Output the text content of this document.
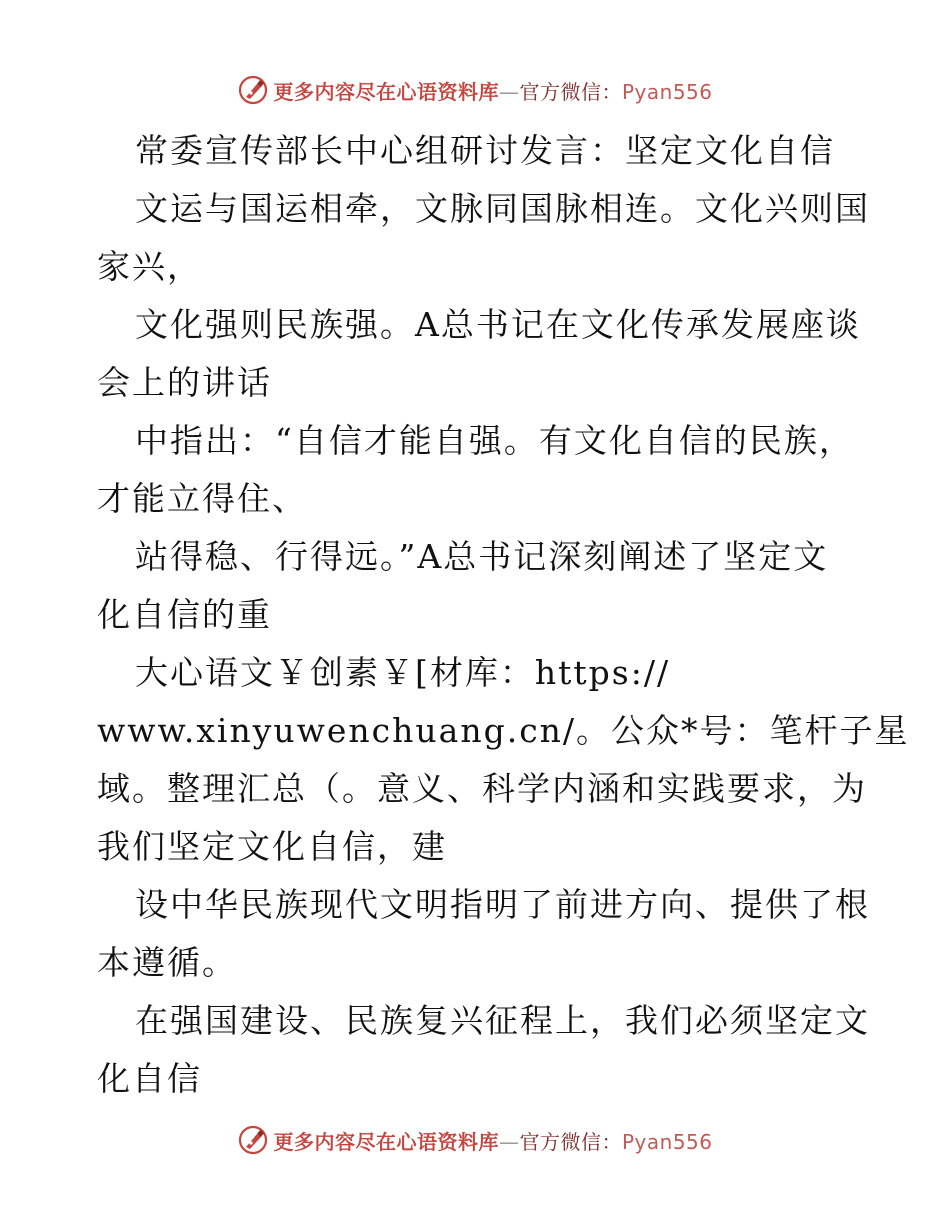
更多内容尽在心语资料库—官方微信：Pyan556
常委宣传部长中心组研讨发言：坚定文化自信
文运与国运相牵，文脉同国脉相连。文化兴则国
家兴，
文化强则民族强。A总书记在文化传承发展座谈
会上的讲话
中指出：“自信才能自强。有文化自信的民族，
才能立得住、
站得稳、行得远。”A总书记深刻阐述了坚定文
化自信的重
大心语文￥创素￥[材库：https://
www.xinyuwenchuang.cn/。公众*号：笔杆子星
域。整理汇总（。意义、科学内涵和实践要求，为
我们坚定文化自信，建
设中华民族现代文明指明了前进方向、提供了根
本遵循。
在强国建设、民族复兴征程上，我们必须坚定文
化自信
更多内容尽在心语资料库—官方微信：Pyan556
